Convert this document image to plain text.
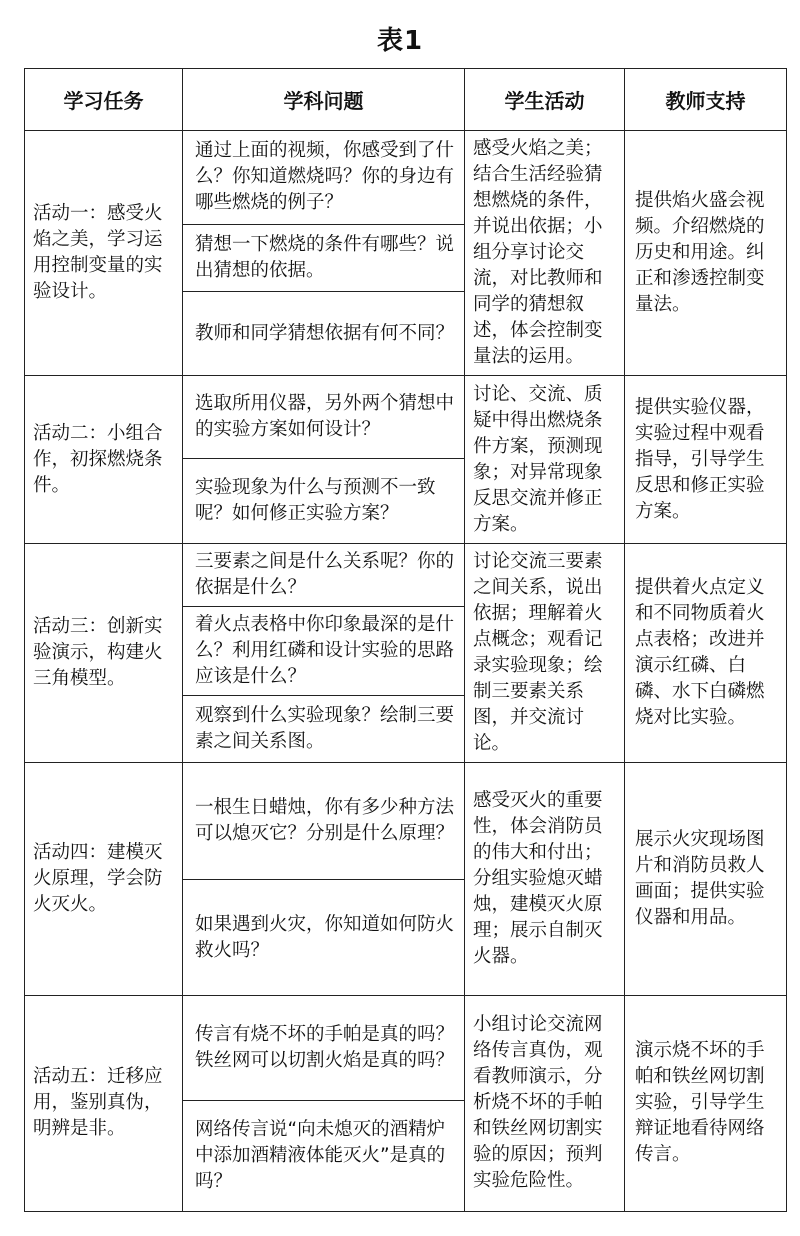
表1
学习任务	学科问题	学生活动	教师支持
活动一：感受火焰之美，学习运用控制变量的实验设计。	通过上面的视频，你感受到了什么？你知道燃烧吗？你的身边有哪些燃烧的例子？	感受火焰之美；结合生活经验猜想燃烧的条件，并说出依据；小组分享讨论交流，对比教师和同学的猜想叙述，体会控制变量法的运用。	提供焰火盛会视频。介绍燃烧的历史和用途。纠正和渗透控制变量法。
	猜想一下燃烧的条件有哪些？说出猜想的依据。		
	教师和同学猜想依据有何不同？		
活动二：小组合作，初探燃烧条件。	选取所用仪器，另外两个猜想中的实验方案如何设计？	讨论、交流、质疑中得出燃烧条件方案，预测现象；对异常现象反思交流并修正方案。	提供实验仪器，实验过程中观看指导，引导学生反思和修正实验方案。
	实验现象为什么与预测不一致呢？如何修正实验方案？		
活动三：创新实验演示，构建火三角模型。	三要素之间是什么关系呢？你的依据是什么？	讨论交流三要素之间关系，说出依据；理解着火点概念；观看记录实验现象；绘制三要素关系图，并交流讨论。	提供着火点定义和不同物质着火点表格；改进并演示红磷、白磷、水下白磷燃烧对比实验。
	着火点表格中你印象最深的是什么？利用红磷和设计实验的思路应该是什么？		
	观察到什么实验现象？绘制三要素之间关系图。		
活动四：建模灭火原理，学会防火灭火。	一根生日蜡烛，你有多少种方法可以熄灭它？分别是什么原理？	感受灭火的重要性，体会消防员的伟大和付出；分组实验熄灭蜡烛，建模灭火原理；展示自制灭火器。	展示火灾现场图片和消防员救人画面；提供实验仪器和用品。
	如果遇到火灾，你知道如何防火救火吗？		
活动五：迁移应用，鉴别真伪，明辨是非。	传言有烧不坏的手帕是真的吗？铁丝网可以切割火焰是真的吗？	小组讨论交流网络传言真伪，观看教师演示，分析烧不坏的手帕和铁丝网切割实验的原因；预判实验危险性。	演示烧不坏的手帕和铁丝网切割实验，引导学生辩证地看待网络传言。
	网络传言说“向未熄灭的酒精炉中添加酒精液体能灭火”是真的吗？		
